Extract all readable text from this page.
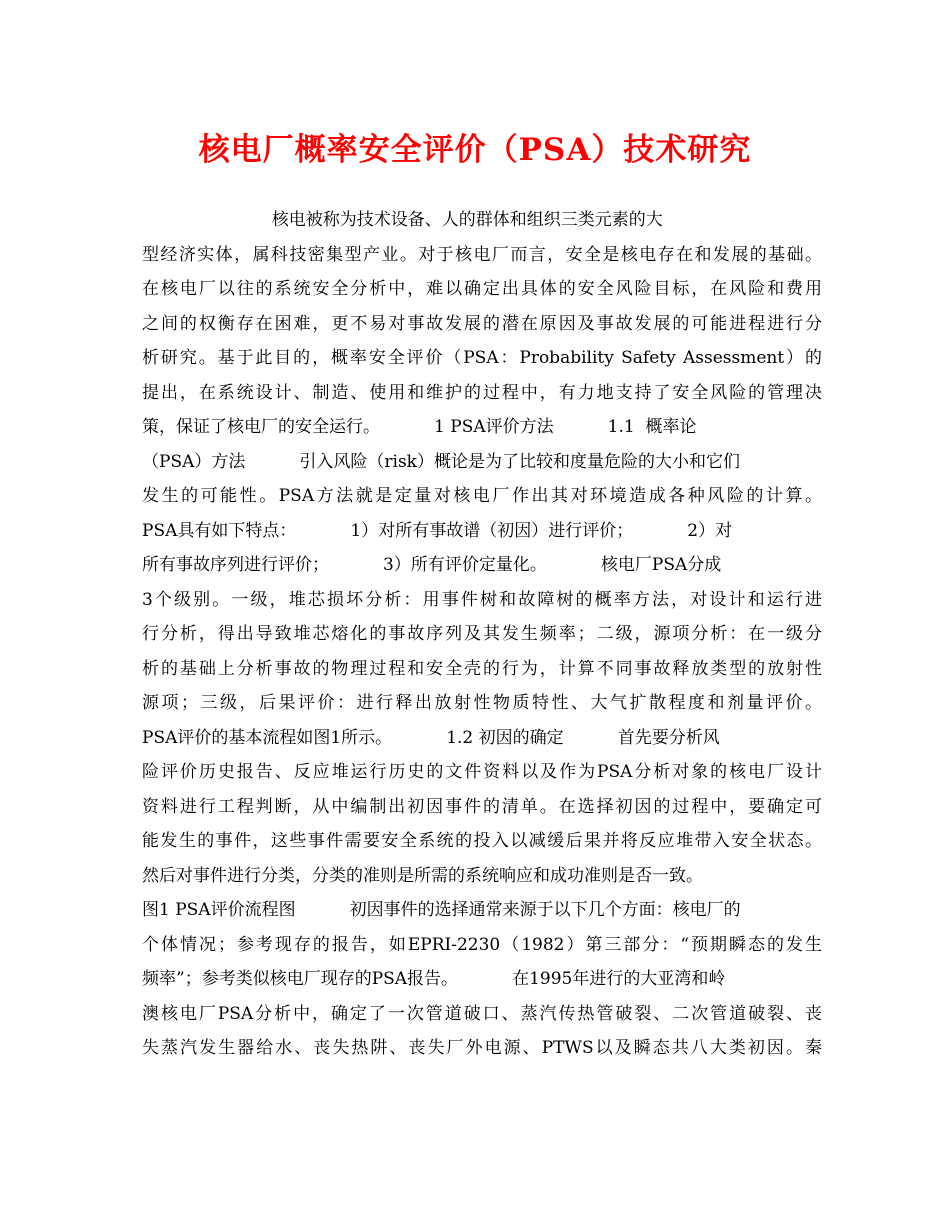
核电厂概率安全评价（PSA）技术研究
核电被称为技术设备、人的群体和组织三类元素的大
型经济实体，属科技密集型产业。对于核电厂而言，安全是核电存在和发展的基础。
在核电厂以往的系统安全分析中，难以确定出具体的安全风险目标，在风险和费用
之间的权衡存在困难，更不易对事故发展的潜在原因及事故发展的可能进程进行分
析研究。基于此目的，概率安全评价（PSA：Probability Safety Assessment）的
提出，在系统设计、制造、使用和维护的过程中，有力地支持了安全风险的管理决
策，保证了核电厂的安全运行。          1 PSA评价方法          1.1  概率论
（PSA）方法          引入风险（risk）概论是为了比较和度量危险的大小和它们
发生的可能性。PSA方法就是定量对核电厂作出其对环境造成各种风险的计算。
PSA具有如下特点：          1）对所有事故谱（初因）进行评价；          2）对
所有事故序列进行评价；          3）所有评价定量化。          核电厂PSA分成
3个级别。一级，堆芯损坏分析：用事件树和故障树的概率方法，对设计和运行进
行分析，得出导致堆芯熔化的事故序列及其发生频率；二级，源项分析：在一级分
析的基础上分析事故的物理过程和安全壳的行为，计算不同事故释放类型的放射性
源项；三级，后果评价：进行释出放射性物质特性、大气扩散程度和剂量评价。
PSA评价的基本流程如图1所示。          1.2 初因的确定          首先要分析风
险评价历史报告、反应堆运行历史的文件资料以及作为PSA分析对象的核电厂设计
资料进行工程判断，从中编制出初因事件的清单。在选择初因的过程中，要确定可
能发生的事件，这些事件需要安全系统的投入以减缓后果并将反应堆带入安全状态。
然后对事件进行分类，分类的准则是所需的系统响应和成功准则是否一致。
图1 PSA评价流程图          初因事件的选择通常来源于以下几个方面：核电厂的
个体情况；参考现存的报告，如EPRI-2230（1982）第三部分：“预期瞬态的发生
频率”；参考类似核电厂现存的PSA报告。          在1995年进行的大亚湾和岭
澳核电厂PSA分析中，确定了一次管道破口、蒸汽传热管破裂、二次管道破裂、丧
失蒸汽发生器给水、丧失热阱、丧失厂外电源、PTWS以及瞬态共八大类初因。秦
